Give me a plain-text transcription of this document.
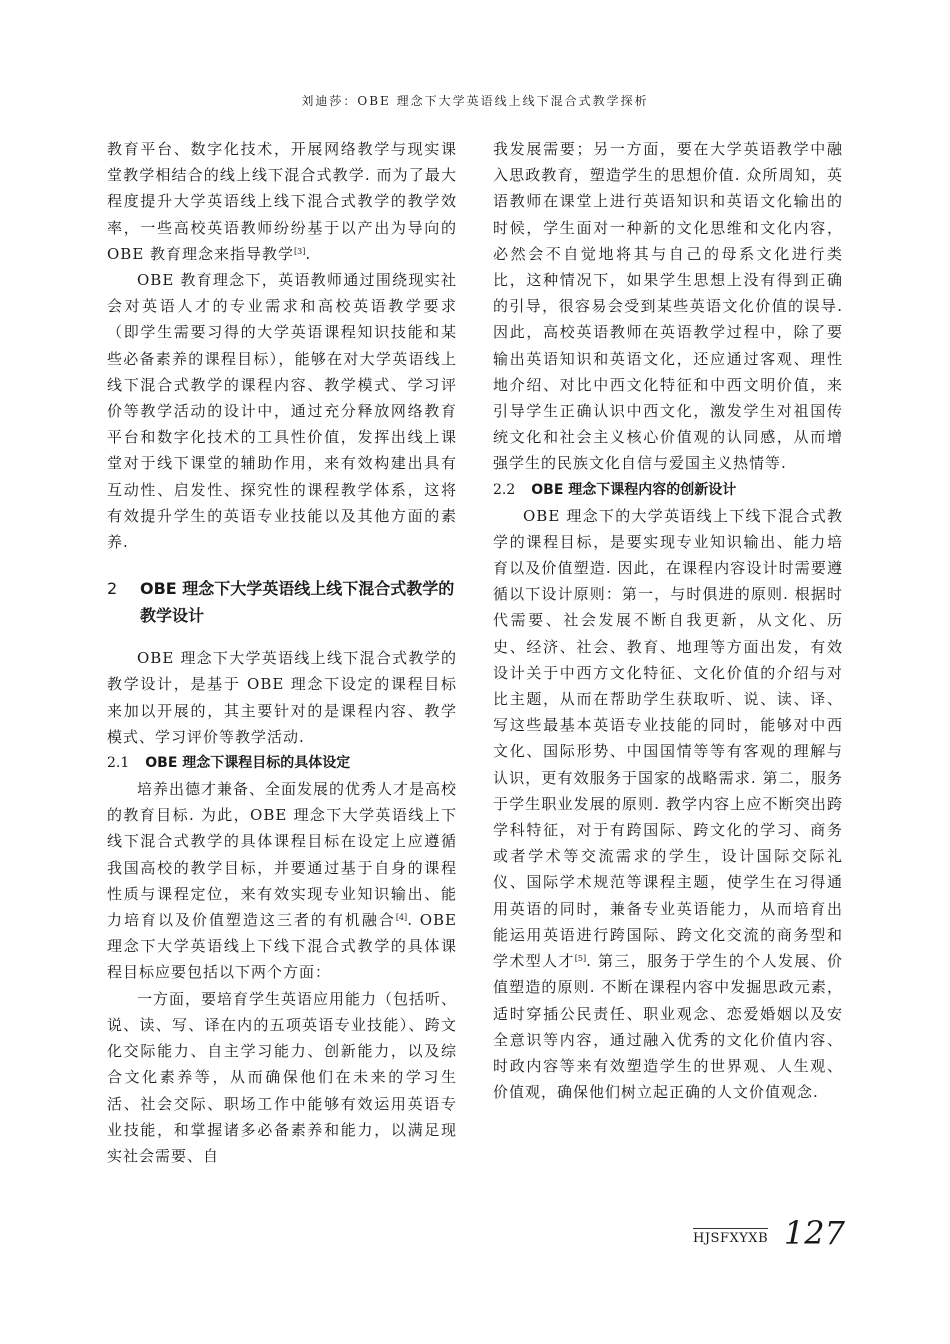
刘迪莎：OBE 理念下大学英语线上线下混合式教学探析

教育平台、数字化技术，开展网络教学与现实课堂教学相结合的线上线下混合式教学. 而为了最大程度提升大学英语线上线下混合式教学的教学效率，一些高校英语教师纷纷基于以产出为导向的 OBE 教育理念来指导教学[3].

OBE 教育理念下，英语教师通过围绕现实社会对英语人才的专业需求和高校英语教学要求（即学生需要习得的大学英语课程知识技能和某些必备素养的课程目标），能够在对大学英语线上线下混合式教学的课程内容、教学模式、学习评价等教学活动的设计中，通过充分释放网络教育平台和数字化技术的工具性价值，发挥出线上课堂对于线下课堂的辅助作用，来有效构建出具有互动性、启发性、探究性的课程教学体系，这将有效提升学生的英语专业技能以及其他方面的素养.

2	OBE 理念下大学英语线上线下混合式教学的教学设计

OBE 理念下大学英语线上线下混合式教学的教学设计，是基于 OBE 理念下设定的课程目标来加以开展的，其主要针对的是课程内容、教学模式、学习评价等教学活动.

2.1 OBE 理念下课程目标的具体设定

培养出德才兼备、全面发展的优秀人才是高校的教育目标. 为此，OBE 理念下大学英语线上下线下混合式教学的具体课程目标在设定上应遵循我国高校的教学目标，并要通过基于自身的课程性质与课程定位，来有效实现专业知识输出、能力培育以及价值塑造这三者的有机融合[4]. OBE 理念下大学英语线上下线下混合式教学的具体课程目标应要包括以下两个方面：

一方面，要培育学生英语应用能力（包括听、说、读、写、译在内的五项英语专业技能）、跨文化交际能力、自主学习能力、创新能力，以及综合文化素养等，从而确保他们在未来的学习生活、社会交际、职场工作中能够有效运用英语专业技能，和掌握诸多必备素养和能力，以满足现实社会需要、自

我发展需要；另一方面，要在大学英语教学中融入思政教育，塑造学生的思想价值. 众所周知，英语教师在课堂上进行英语知识和英语文化输出的时候，学生面对一种新的文化思维和文化内容，必然会不自觉地将其与自己的母系文化进行类比，这种情况下，如果学生思想上没有得到正确的引导，很容易会受到某些英语文化价值的误导. 因此，高校英语教师在英语教学过程中，除了要输出英语知识和英语文化，还应通过客观、理性地介绍、对比中西文化特征和中西文明价值，来引导学生正确认识中西文化，激发学生对祖国传统文化和社会主义核心价值观的认同感，从而增强学生的民族文化自信与爱国主义热情等.

2.2 OBE 理念下课程内容的创新设计

OBE 理念下的大学英语线上下线下混合式教学的课程目标，是要实现专业知识输出、能力培育以及价值塑造. 因此，在课程内容设计时需要遵循以下设计原则：第一，与时俱进的原则. 根据时代需要、社会发展不断自我更新，从文化、历史、经济、社会、教育、地理等方面出发，有效设计关于中西方文化特征、文化价值的介绍与对比主题，从而在帮助学生获取听、说、读、译、写这些最基本英语专业技能的同时，能够对中西文化、国际形势、中国国情等等有客观的理解与认识，更有效服务于国家的战略需求. 第二，服务于学生职业发展的原则. 教学内容上应不断突出跨学科特征，对于有跨国际、跨文化的学习、商务或者学术等交流需求的学生，设计国际交际礼仪、国际学术规范等课程主题，使学生在习得通用英语的同时，兼备专业英语能力，从而培育出能运用英语进行跨国际、跨文化交流的商务型和学术型人才[5]. 第三，服务于学生的个人发展、价值塑造的原则. 不断在课程内容中发掘思政元素，适时穿插公民责任、职业观念、恋爱婚姻以及安全意识等内容，通过融入优秀的文化价值内容、时政内容等来有效塑造学生的世界观、人生观、价值观，确保他们树立起正确的人文价值观念.

HJSFXYXB 127
